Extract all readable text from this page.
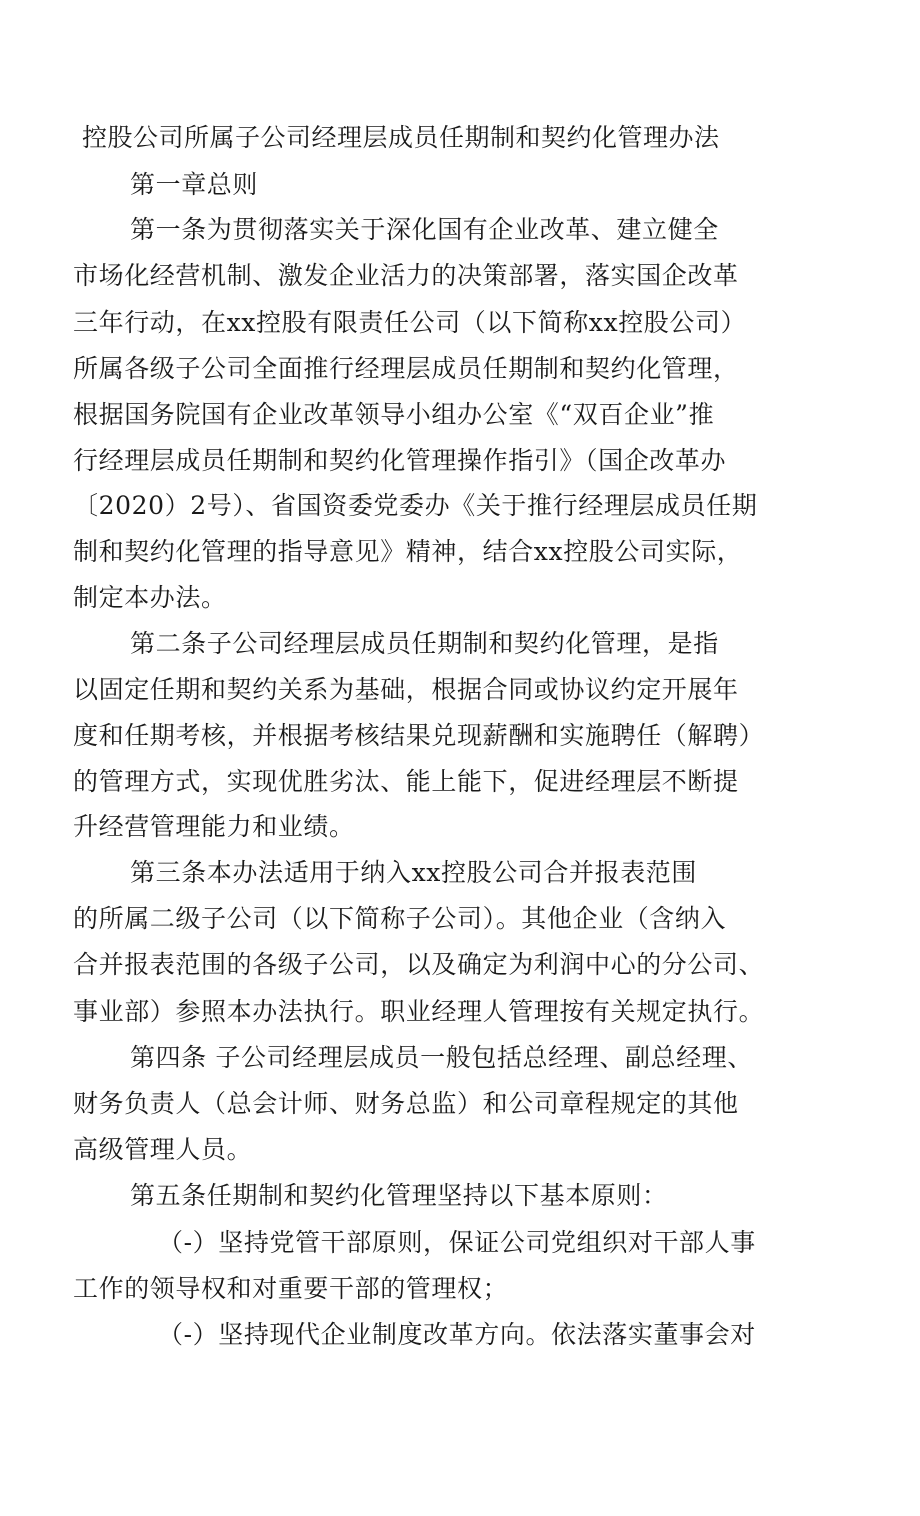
控股公司所属子公司经理层成员任期制和契约化管理办法
第一章总则
第一条为贯彻落实关于深化国有企业改革、建立健全
市场化经营机制、激发企业活力的决策部署，落实国企改革
三年行动，在xx控股有限责任公司（以下简称xx控股公司）
所属各级子公司全面推行经理层成员任期制和契约化管理，
根据国务院国有企业改革领导小组办公室《“双百企业”推
行经理层成员任期制和契约化管理操作指引》（国企改革办
〔2020）2号）、省国资委党委办《关于推行经理层成员任期
制和契约化管理的指导意见》精神，结合xx控股公司实际，
制定本办法。
第二条子公司经理层成员任期制和契约化管理，是指
以固定任期和契约关系为基础，根据合同或协议约定开展年
度和任期考核，并根据考核结果兑现薪酬和实施聘任（解聘）
的管理方式，实现优胜劣汰、能上能下，促进经理层不断提
升经营管理能力和业绩。
第三条本办法适用于纳入xx控股公司合并报表范围
的所属二级子公司（以下简称子公司）。其他企业（含纳入
合并报表范围的各级子公司，以及确定为利润中心的分公司、
事业部）参照本办法执行。职业经理人管理按有关规定执行。
第四条 子公司经理层成员一般包括总经理、副总经理、
财务负责人（总会计师、财务总监）和公司章程规定的其他
高级管理人员。
第五条任期制和契约化管理坚持以下基本原则：
（-）坚持党管干部原则，保证公司党组织对干部人事
工作的领导权和对重要干部的管理权；
（-）坚持现代企业制度改革方向。依法落实董事会对
